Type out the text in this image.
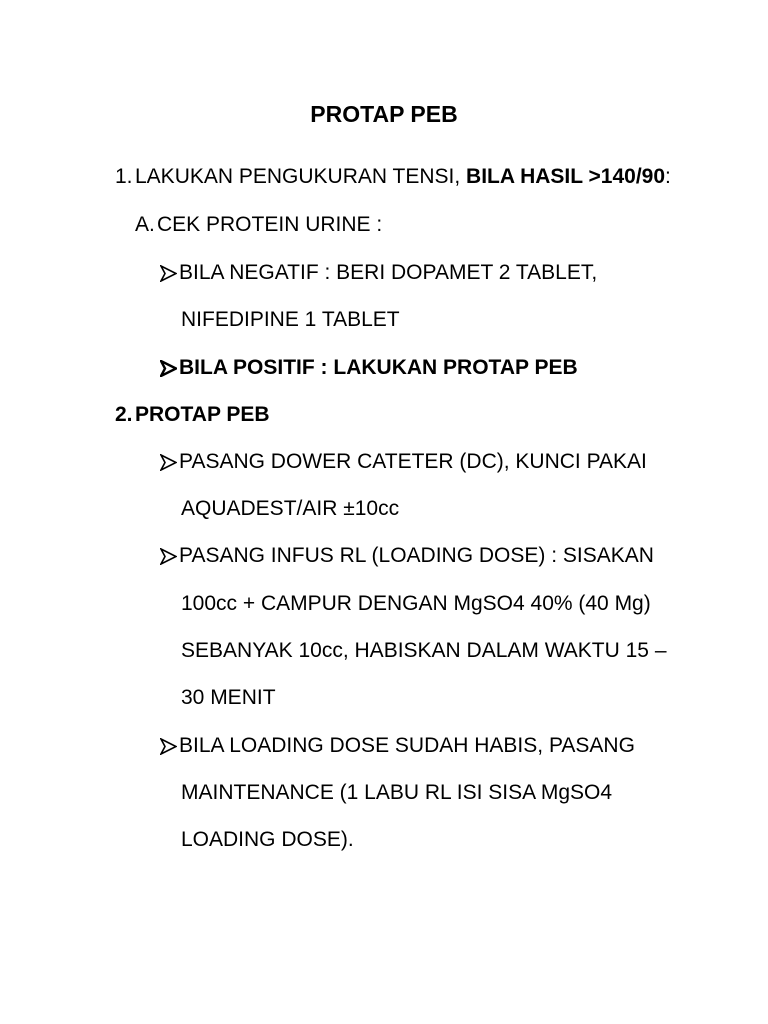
PROTAP PEB
1. LAKUKAN PENGUKURAN TENSI, BILA HASIL >140/90:
A. CEK PROTEIN URINE :
BILA NEGATIF : BERI DOPAMET 2 TABLET,
NIFEDIPINE 1 TABLET
BILA POSITIF : LAKUKAN PROTAP PEB
2. PROTAP PEB
PASANG DOWER CATETER (DC), KUNCI PAKAI
AQUADEST/AIR ±10cc
PASANG INFUS RL (LOADING DOSE) : SISAKAN
100cc + CAMPUR DENGAN MgSO4 40% (40 Mg)
SEBANYAK 10cc, HABISKAN DALAM WAKTU 15 –
30 MENIT
BILA LOADING DOSE SUDAH HABIS, PASANG
MAINTENANCE (1 LABU RL ISI SISA MgSO4
LOADING DOSE).
